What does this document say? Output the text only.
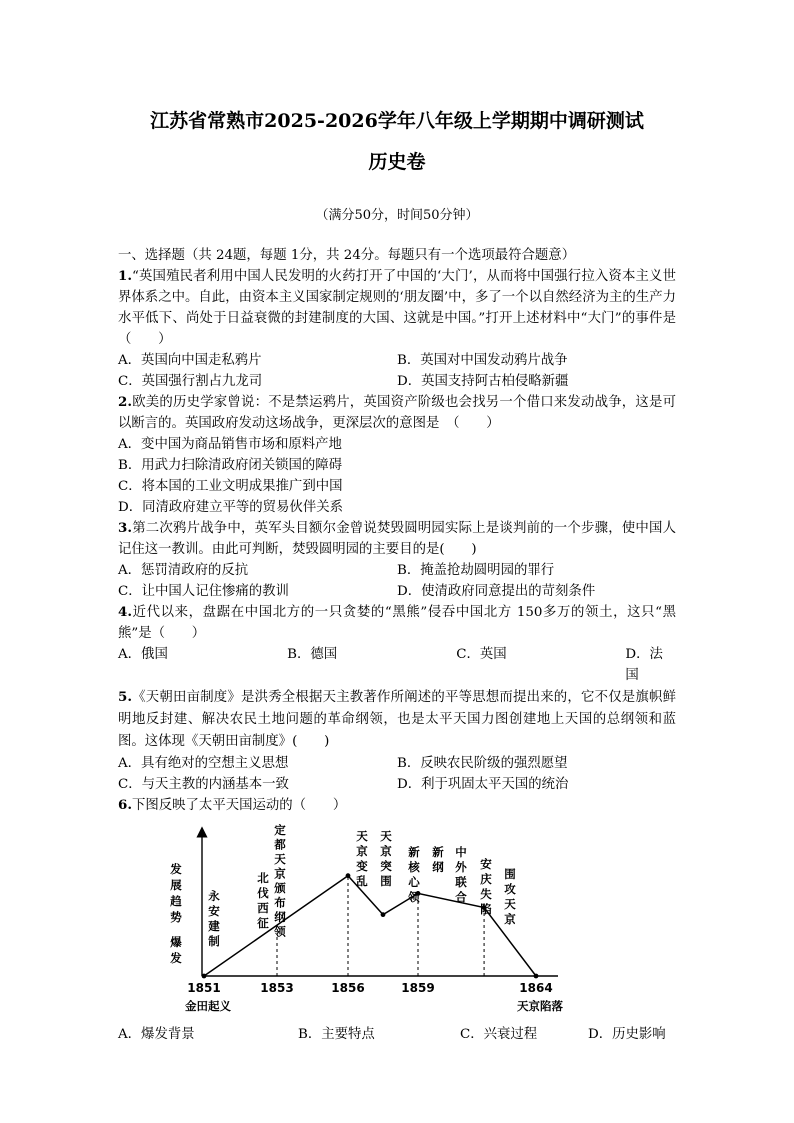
江苏省常熟市2025-2026学年八年级上学期期中调研测试
历史卷
（满分50分，时间50分钟）
一、选择题（共 24题，每题 1分，共 24分。每题只有一个选项最符合题意）
1.“英国殖民者利用中国人民发明的火药打开了中国的‘大门’，从而将中国强行拉入资本主义世界体系之中。自此，由资本主义国家制定规则的‘朋友圈’中，多了一个以自然经济为主的生产力水平低下、尚处于日益衰微的封建制度的大国、这就是中国。”打开上述材料中“大门”的事件是（　　）
A．英国向中国走私鸦片	B．英国对中国发动鸦片战争
C．英国强行割占九龙司	D．英国支持阿古柏侵略新疆
2.欧美的历史学家曾说：不是禁运鸦片，英国资产阶级也会找另一个借口来发动战争，这是可以断言的。英国政府发动这场战争，更深层次的意图是　（　　）
A．变中国为商品销售市场和原料产地
B．用武力扫除清政府闭关锁国的障碍
C．将本国的工业文明成果推广到中国
D．同清政府建立平等的贸易伙伴关系
3.第二次鸦片战争中，英军头目额尔金曾说焚毁圆明园实际上是谈判前的一个步骤，使中国人记住这一教训。由此可判断，焚毁圆明园的主要目的是(　　)
A．惩罚清政府的反抗	B．掩盖抢劫圆明园的罪行
C．让中国人记住惨痛的教训	D．使清政府同意提出的苛刻条件
4.近代以来，盘踞在中国北方的一只贪婪的“黑熊”侵吞中国北方 150多万的领土，这只“黑熊”是（　　）
A．俄国	B．德国	C．英国	D．法国
5.《天朝田亩制度》是洪秀全根据天主教著作所阐述的平等思想而提出来的，它不仅是旗帜鲜明地反封建、解决农民土地问题的革命纲领，也是太平天国力图创建地上天国的总纲领和蓝图。这体现《天朝田亩制度》(　　)
A．具有绝对的空想主义思想	B．反映农民阶级的强烈愿望
C．与天主教的内涵基本一致	D．利于巩固太平天国的统治
6.下图反映了太平天国运动的（　　）
1851
金田起义
1853	1856	1859	1864
天京陷落
发展趋势
爆发
永安建制
北伐西征
定都天京
颁布纲领
天京变乱
天京突围
新核心领
新纲
中外联合
安庆失陷
围攻天京
A．爆发背景	B．主要特点	C．兴衰过程	D．历史影响
